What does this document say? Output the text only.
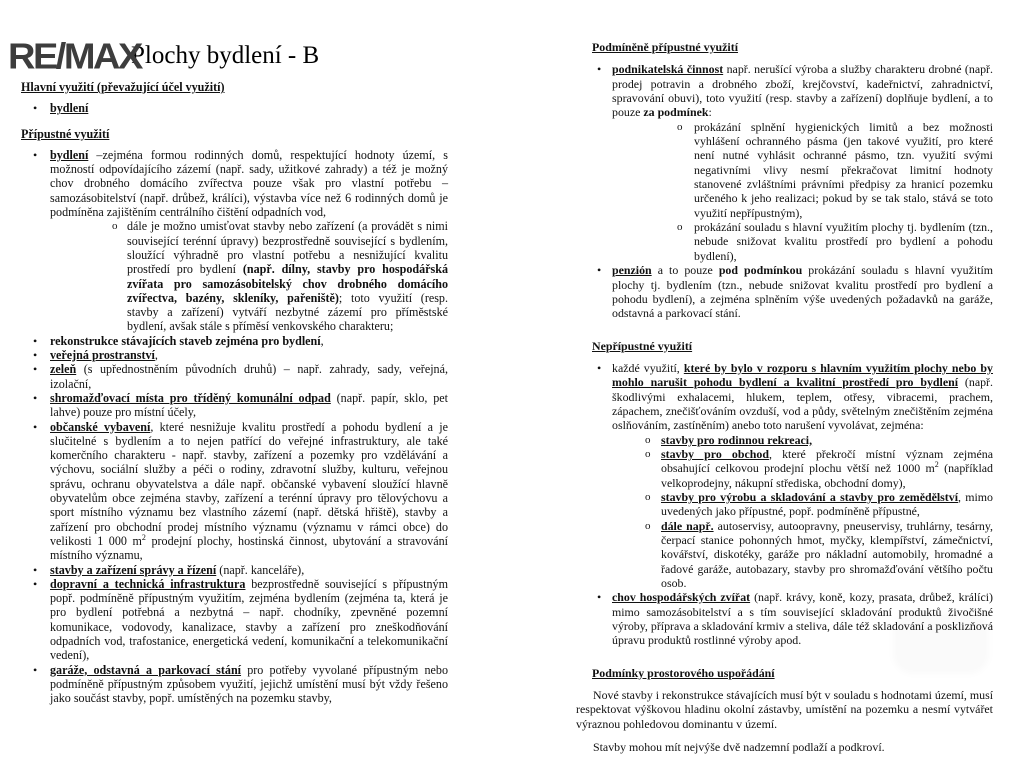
RE/MAX
Plochy bydlení - B
Hlavní využití (převažující účel využití)
• bydlení
Přípustné využití
• bydlení –zejména formou rodinných domů, respektující hodnoty území, s možností odpovídajícího zázemí (např. sady, užitkové zahrady) a též je možný chov drobného domácího zvířectva pouze však pro vlastní potřebu – samozásobitelství (např. drůbež, králíci), výstavba více než 6 rodinných domů je podmíněna zajištěním centrálního čištění odpadních vod,
o dále je možno umisťovat stavby nebo zařízení (a provádět s nimi související terénní úpravy) bezprostředně související s bydlením, sloužící výhradně pro vlastní potřebu a nesnižující kvalitu prostředí pro bydlení (např. dílny, stavby pro hospodářská zvířata pro samozásobitelský chov drobného domácího zvířectva, bazény, skleníky, pařeniště); toto využití (resp. stavby a zařízení) vytváří nezbytné zázemí pro příměstské bydlení, avšak stále s příměsí venkovského charakteru;
• rekonstrukce stávajících staveb zejména pro bydlení,
• veřejná prostranství,
• zeleň (s upřednostněním původních druhů) – např. zahrady, sady, veřejná, izolační,
• shromažďovací místa pro tříděný komunální odpad (např. papír, sklo, pet lahve) pouze pro místní účely,
• občanské vybavení, které nesnižuje kvalitu prostředí a pohodu bydlení a je slučitelné s bydlením a to nejen patřící do veřejné infrastruktury, ale také komerčního charakteru - např. stavby, zařízení a pozemky pro vzdělávání a výchovu, sociální služby a péči o rodiny, zdravotní služby, kulturu, veřejnou správu, ochranu obyvatelstva a dále např. občanské vybavení sloužící hlavně obyvatelům obce zejména stavby, zařízení a terénní úpravy pro tělovýchovu a sport místního významu bez vlastního zázemí (např. dětská hřiště), stavby a zařízení pro obchodní prodej místního významu (významu v rámci obce) do velikosti 1 000 $m^2$ prodejní plochy, hostinská činnost, ubytování a stravování místního významu,
• stavby a zařízení správy a řízení (např. kanceláře),
• dopravní a technická infrastruktura bezprostředně související s přípustným popř. podmíněně přípustným využitím, zejména bydlením (zejména ta, která je pro bydlení potřebná a nezbytná – např. chodníky, zpevněné pozemní komunikace, vodovody, kanalizace, stavby a zařízení pro zneškodňování odpadních vod, trafostanice, energetická vedení, komunikační a telekomunikační vedení),
• garáže, odstavná a parkovací stání pro potřeby vyvolané přípustným nebo podmíněně přípustným způsobem využití, jejichž umístění musí být vždy řešeno jako součást stavby, popř. umístěných na pozemku stavby,
Podmíněně přípustné využití
• podnikatelská činnost např. nerušící výroba a služby charakteru drobné (např. prodej potravin a drobného zboží, krejčovství, kadeřnictví, zahradnictví, spravování obuvi), toto využití (resp. stavby a zařízení) doplňuje bydlení, a to pouze za podmínek:
o prokázání splnění hygienických limitů a bez možnosti vyhlášení ochranného pásma (jen takové využití, pro které není nutné vyhlásit ochranné pásmo, tzn. využití svými negativními vlivy nesmí překračovat limitní hodnoty stanovené zvláštními právními předpisy za hranicí pozemku určeného k jeho realizaci; pokud by se tak stalo, stává se toto využití nepřípustným),
o prokázání souladu s hlavní využitím plochy tj. bydlením (tzn., nebude snižovat kvalitu prostředí pro bydlení a pohodu bydlení),
• penzión a to pouze pod podmínkou prokázání souladu s hlavní využitím plochy tj. bydlením (tzn., nebude snižovat kvalitu prostředí pro bydlení a pohodu bydlení), a zejména splněním výše uvedených požadavků na garáže, odstavná a parkovací stání.
Nepřípustné využití
• každé využití, které by bylo v rozporu s hlavním využitím plochy nebo by mohlo narušit pohodu bydlení a kvalitní prostředí pro bydlení (např. škodlivými exhalacemi, hlukem, teplem, otřesy, vibracemi, prachem, zápachem, znečišťováním ovzduší, vod a půdy, světelným znečištěním zejména oslňováním, zastíněním) anebo toto narušení vyvolávat, zejména:
o stavby pro rodinnou rekreaci,
o stavby pro obchod, které překročí místní význam zejména obsahující celkovou prodejní plochu větší než 1000 $m^2$ (například velkoprodejny, nákupní střediska, obchodní domy),
o stavby pro výrobu a skladování a stavby pro zemědělství, mimo uvedených jako přípustné, popř. podmíněně přípustné,
o dále např. autoservisy, autoopravny, pneuservisy, truhlárny, tesárny, čerpací stanice pohonných hmot, myčky, klempířství, zámečnictví, kovářství, diskotéky, garáže pro nákladní automobily, hromadné a řadové garáže, autobazary, stavby pro shromažďování většího počtu osob.
• chov hospodářských zvířat (např. krávy, koně, kozy, prasata, drůbež, králíci) mimo samozásobitelství a s tím související skladování produktů živočišné výroby, příprava a skladování krmiv a steliva, dále též skladování a posklizňová úpravu produktů rostlinné výroby apod.
Podmínky prostorového uspořádání
Nové stavby i rekonstrukce stávajících musí být v souladu s hodnotami území, musí respektovat výškovou hladinu okolní zástavby, umístění na pozemku a nesmí vytvářet výraznou pohledovou dominantu v území.
Stavby mohou mít nejvýše dvě nadzemní podlaží a podkroví.
